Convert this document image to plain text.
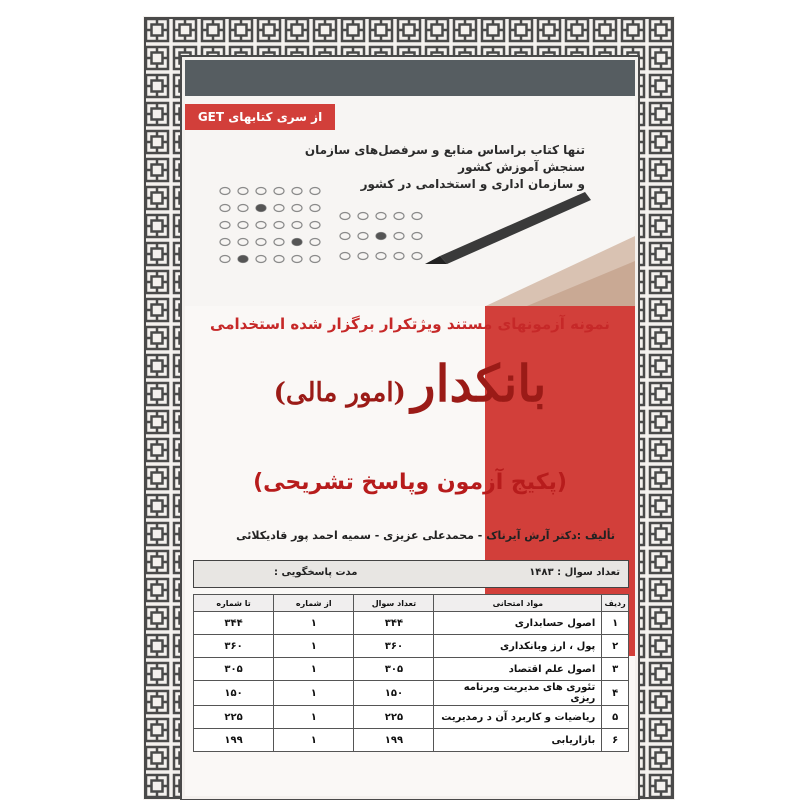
از سری کتابهای GET
تنها کتاب براساس منابع و سرفصل‌های سازمان سنجش آموزش کشور
و سازمان اداری و استخدامی در کشور
نمونه آزمونهای مستند ویژتکرار برگزار شده استخدامی
بانکدار (امور مالی)
(پکیج آزمون وپاسخ تشریحی)
تألیف :دکتر آرش آیرناک - محمدعلی عزیزی - سمیه احمد پور قادیکلائی
تعداد سوال : ۱۴۸۳
مدت پاسخگویی :
ردیف	مواد امتحانی	تعداد سوال	از شماره	تا شماره
۱	اصول حسابداری	۳۴۴	۱	۳۴۴
۲	پول ، ارز وبانکداری	۳۶۰	۱	۳۶۰
۳	اصول علم اقتصاد	۳۰۵	۱	۳۰۵
۴	تئوری های مدیریت وبرنامه ریزی	۱۵۰	۱	۱۵۰
۵	ریاضیات و کاربرد آن د رمدیریت	۲۲۵	۱	۲۲۵
۶	بازاریابی	۱۹۹	۱	۱۹۹
